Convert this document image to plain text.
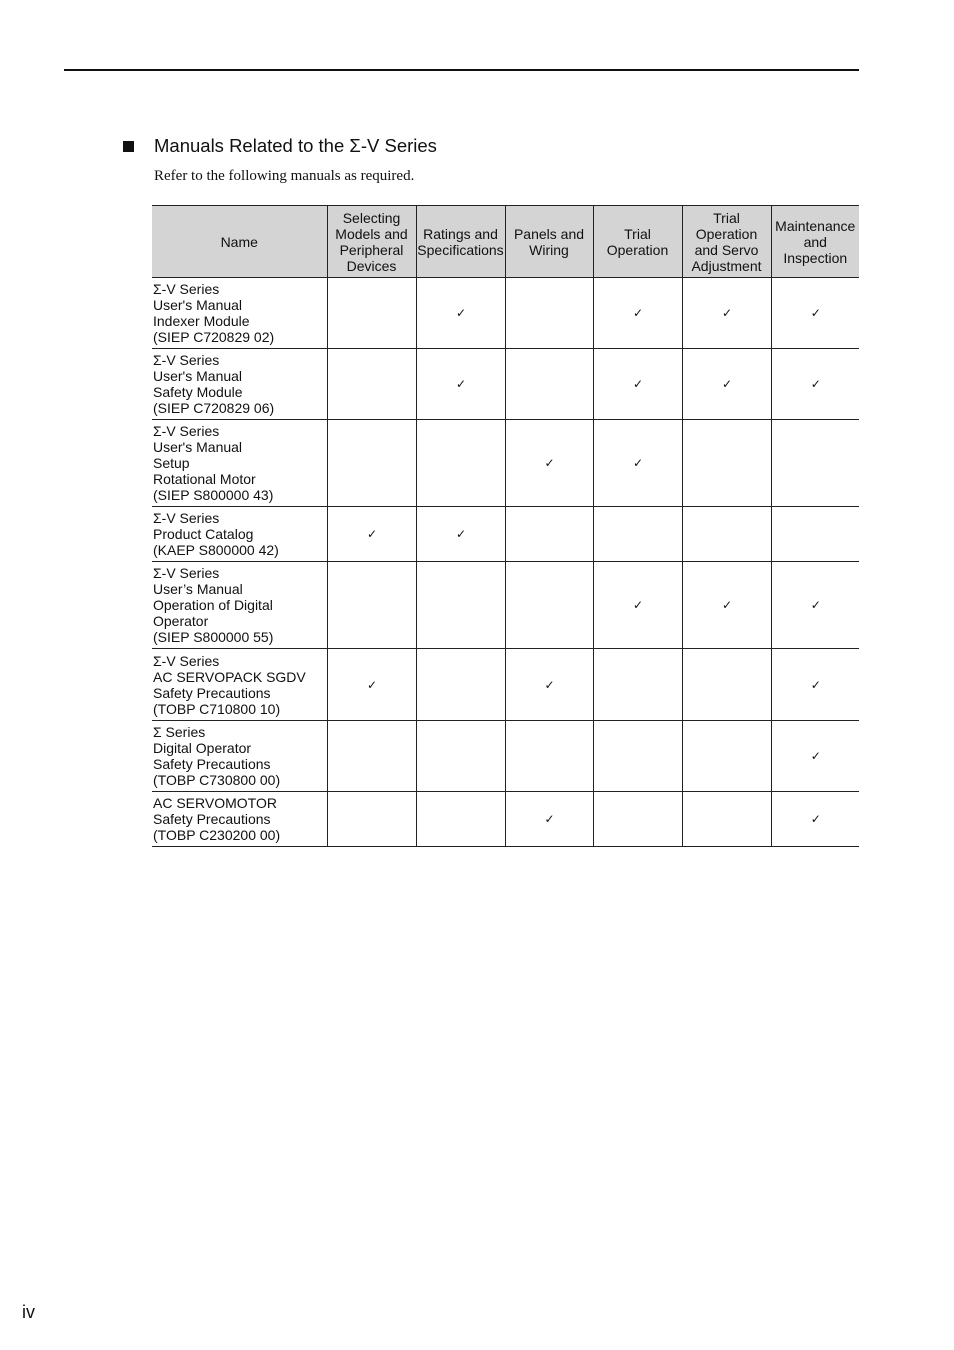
Manuals Related to the Σ-V Series
Refer to the following manuals as required.
Name	Selecting
Models and
Peripheral
Devices	Ratings and
Specifications	Panels and
Wiring	Trial
Operation	Trial
Operation
and Servo
Adjustment	Maintenance
and
Inspection

Σ-V Series
User's Manual
Indexer Module
(SIEP C720829 02)		✓		✓	✓	✓

Σ-V Series
User's Manual
Safety Module
(SIEP C720829 06)		✓		✓	✓	✓

Σ-V Series
User's Manual
Setup
Rotational Motor
(SIEP S800000 43)			✓	✓		

Σ-V Series
Product Catalog
(KAEP S800000 42)	✓	✓				

Σ-V Series
User’s Manual
Operation of Digital
Operator
(SIEP S800000 55)				✓	✓	✓

Σ-V Series
AC SERVOPACK SGDV
Safety Precautions
(TOBP C710800 10)	✓		✓			✓

Σ Series
Digital Operator
Safety Precautions
(TOBP C730800 00)						✓

AC SERVOMOTOR
Safety Precautions
(TOBP C230200 00)			✓			✓
iv
